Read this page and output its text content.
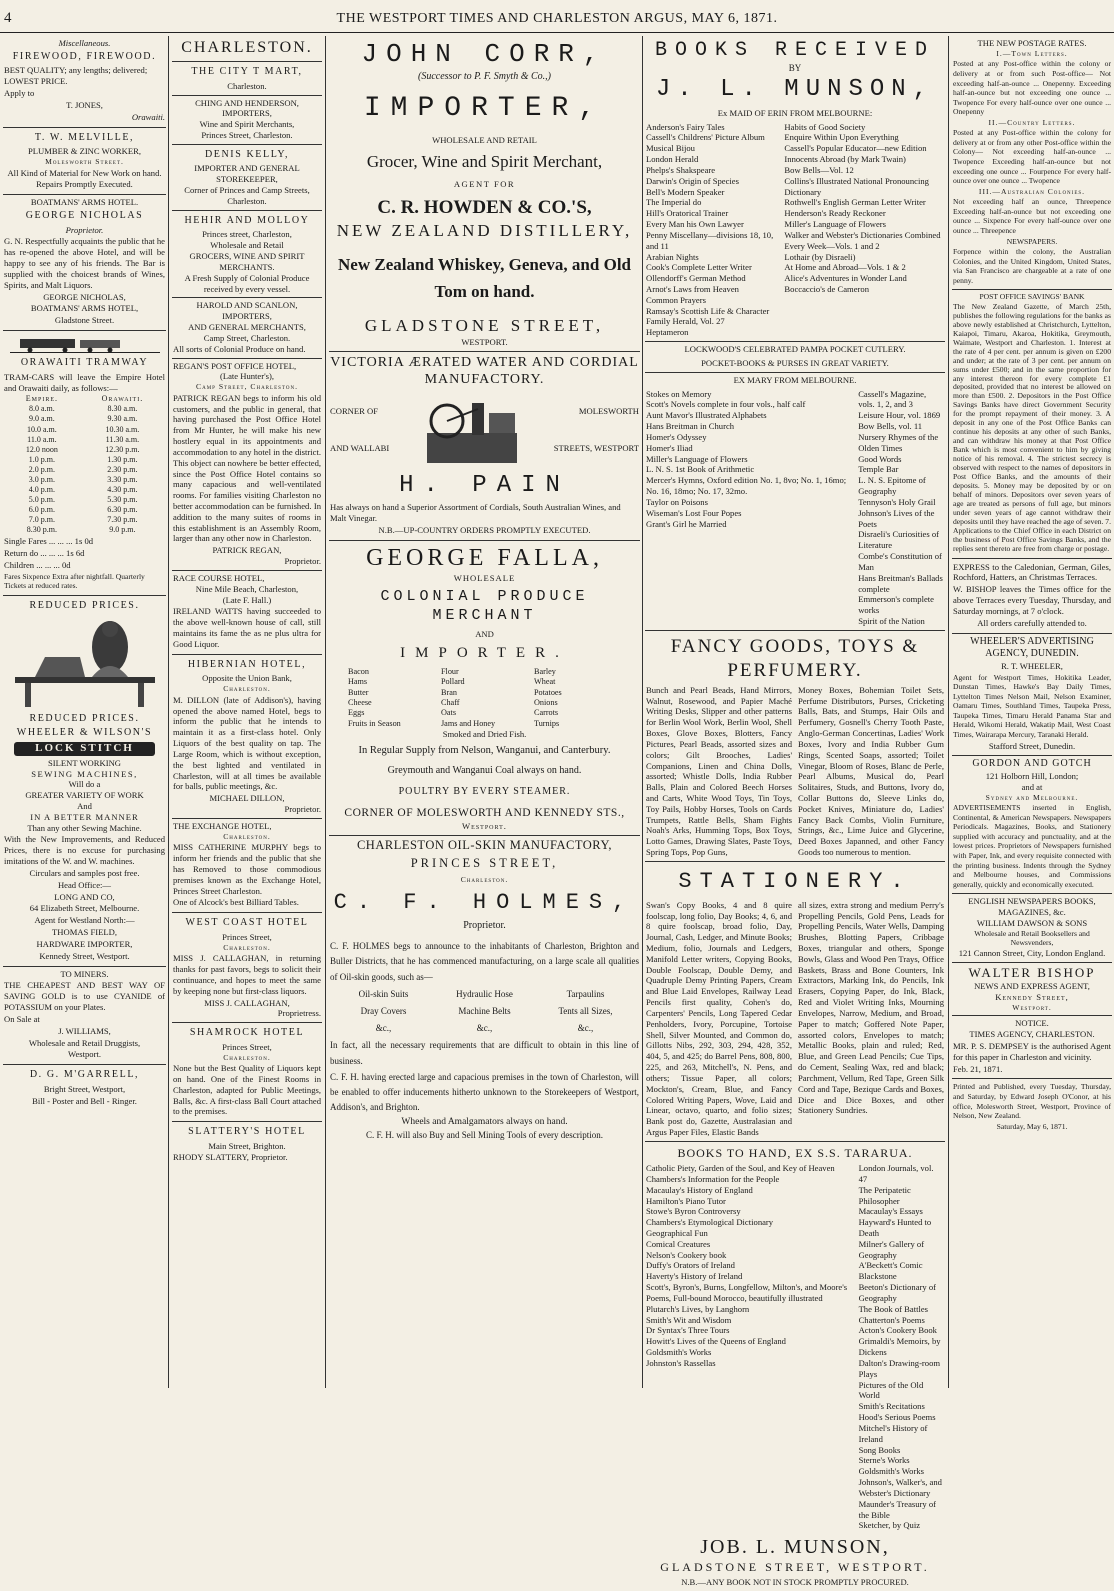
4	THE WESTPORT TIMES AND CHARLESTON ARGUS, MAY 6, 1871.
Miscellaneous.
FIREWOOD, FIREWOOD.

BEST QUALITY; any lengths; delivered; LOWEST PRICE.

Apply to

T. JONES,

Orawaiti.

T. W. MELVILLE,
PLUMBER & ZINC WORKER,
Molesworth Street.

All Kind of Material for New Work on hand.

Repairs Promptly Executed.

BOATMANS' ARMS HOTEL.
GEORGE NICHOLAS
Proprietor.

G. N. Respectfully acquaints the public that he has re-opened the above Hotel, and will be happy to see any of his friends. The Bar is supplied with the choicest brands of Wines, Spirits, and Malt Liquors.

GEORGE NICHOLAS,

BOATMANS' ARMS HOTEL,

Gladstone Street.

ORAWAITI TRAMWAY

TRAM-CARS will leave the Empire Hotel and Orawaiti daily, as follows:—

Empire.
8.0 a.m.
9.0 a.m.
10.0 a.m.
11.0 a.m.
12.0 noon
1.0 p.m.
2.0 p.m.
3.0 p.m.
4.0 p.m.
5.0 p.m.
6.0 p.m.
7.0 p.m.
8.30 p.m.
Orawaiti.
8.30 a.m.
9.30 a.m.
10.30 a.m.
11.30 a.m.
12.30 p.m.
1.30 p.m.
2.30 p.m.
3.30 p.m.
4.30 p.m.
5.30 p.m.
6.30 p.m.
7.30 p.m.
9.0 p.m.

Single Fares ... ... ... 1s 0d

Return do ... ... ... 1s 6d

Children ... ... ... 0d

Fares Sixpence Extra after nightfall. Quarterly Tickets at reduced rates.

REDUCED PRICES.
REDUCED PRICES.
WHEELER & WILSON'S
LOCK STITCH
SILENT WORKING
SEWING MACHINES,
Will do a
GREATER VARIETY OF WORK
And
IN A BETTER MANNER
Than any other Sewing Machine.

With the New Improvements, and Reduced Prices, there is no excuse for purchasing imitations of the W. and W. machines.

Circulars and samples post free.

Head Office:—

LONG AND CO,

64 Elizabeth Street, Melbourne.

Agent for Westland North:—

THOMAS FIELD,

HARDWARE IMPORTER,

Kennedy Street, Westport.

TO MINERS.

THE CHEAPEST AND BEST WAY OF SAVING GOLD is to use CYANIDE of POTASSIUM on your Plates.

On Sale at

J. WILLIAMS,

Wholesale and Retail Druggists,

Westport.

D. G. M'GARRELL,

Bright Street, Westport,

Bill - Poster and Bell - Ringer.

CHARLESTON.
THE CITY T MART,
Charleston.
CHING AND HENDERSON, IMPORTERS,
Wine and Spirit Merchants,
Princes Street, Charleston.
DENIS KELLY,
IMPORTER AND GENERAL STOREKEEPER,
Corner of Princes and Camp Streets, Charleston.
HEHIR AND MOLLOY
Princes street, Charleston,
Wholesale and Retail
GROCERS, WINE AND SPIRIT MERCHANTS.
A Fresh Supply of Colonial Produce received by every vessel.
HAROLD AND SCANLON, IMPORTERS,
AND GENERAL MERCHANTS,
Camp Street, Charleston.
All sorts of Colonial Produce on hand.
REGAN'S POST OFFICE HOTEL,
(Late Hunter's),
Camp Street, Charleston.

PATRICK REGAN begs to inform his old customers, and the public in general, that having purchased the Post Office Hotel from Mr Hunter, he will make his new hostlery equal in its appointments and accommodation to any hotel in the district. This object can nowhere be better effected, since the Post Office Hotel contains so many capacious and well-ventilated rooms. For families visiting Charleston no better accommodation can be furnished. In addition to the many suites of rooms in this establishment is an Assembly Room, larger than any other now in Charleston.

PATRICK REGAN,
Proprietor.
RACE COURSE HOTEL,
Nine Mile Beach, Charleston,
(Late F. Hall.)

IRELAND WATTS having succeeded to the above well-known house of call, still maintains its fame the as ne plus ultra for Good Liquor.

HIBERNIAN HOTEL,
Opposite the Union Bank,
Charleston.

M. DILLON (late of Addison's), having opened the above named Hotel, begs to inform the public that he intends to maintain it as a first-class hotel. Only Liquors of the best quality on tap. The Large Room, which is without exception, the best lighted and ventilated in Charleston, will at all times be available for balls, public meetings, &c.

MICHAEL DILLON,
Proprietor.
THE EXCHANGE HOTEL,
Charleston.

MISS CATHERINE MURPHY begs to inform her friends and the public that she has Removed to those commodious premises known as the Exchange Hotel, Princes Street Charleston.

One of Alcock's best Billiard Tables.

WEST COAST HOTEL
Princes Street,
Charleston.

MISS J. CALLAGHAN, in returning thanks for past favors, begs to solicit their continuance, and hopes to meet the same by keeping none but first-class liquors.

MISS J. CALLAGHAN,
Proprietress.
SHAMROCK HOTEL
Princes Street,
Charleston.

None but the Best Quality of Liquors kept on hand. One of the Finest Rooms in Charleston, adapted for Public Meetings, Balls, &c. A first-class Ball Court attached to the premises.

SLATTERY'S HOTEL
Main Street, Brighton.
RHODY SLATTERY, Proprietor.
JOHN CORR,
(Successor to P. F. Smyth & Co.,)
IMPORTER,
WHOLESALE AND RETAIL
Grocer, Wine and Spirit Merchant,
AGENT FOR
C. R. HOWDEN & CO.'S,
NEW ZEALAND DISTILLERY,
New Zealand Whiskey, Geneva, and Old Tom on hand.
GLADSTONE STREET,
WESTPORT.
VICTORIA ÆRATED WATER AND CORDIAL MANUFACTORY.
CORNER OF
AND WALLABI
MOLESWORTH
STREETS, WESTPORT
H. PAIN

Has always on hand a Superior Assortment of Cordials, South Australian Wines, and Malt Vinegar.

N.B.—UP-COUNTRY ORDERS PROMPTLY EXECUTED.

GEORGE FALLA,
WHOLESALE
COLONIAL PRODUCE MERCHANT
AND
IMPORTER.
Bacon
Hams
Butter
Cheese
Eggs
Fruits in Season
Flour
Pollard
Bran
Chaff
Oats
Jams and Honey
Barley
Wheat
Potatoes
Onions
Carrots
Turnips
Smoked and Dried Fish.
In Regular Supply from Nelson, Wanganui, and Canterbury.
Greymouth and Wanganui Coal always on hand.
POULTRY BY EVERY STEAMER.
CORNER OF MOLESWORTH AND KENNEDY STS.,
Westport.
CHARLESTON OIL-SKIN MANUFACTORY,
PRINCES STREET,
Charleston.
C. F. HOLMES,
Proprietor.

C. F. HOLMES begs to announce to the inhabitants of Charleston, Brighton and Buller Districts, that he has commenced manufacturing, on a large scale all qualities of Oil-skin goods, such as—

Oil-skin Suits
Dray Covers
&c.,
Hydraulic Hose
Machine Belts
&c.,
Tarpaulins
Tents all Sizes,
&c.,

In fact, all the necessary requirements that are difficult to obtain in this line of business.

C. F. H. having erected large and capacious premises in the town of Charleston, will be enabled to offer inducements hitherto unknown to the Storekeepers of Westport, Addison's, and Brighton.

Wheels and Amalgamators always on hand.

C. F. H. will also Buy and Sell Mining Tools of every description.

BOOKS RECEIVED
BY
J. L. MUNSON,
Ex MAID OF ERIN FROM MELBOURNE:
Anderson's Fairy Tales
Cassell's Childrens' Picture Album
Musical Bijou
London Herald
Phelps's Shakspeare
Darwin's Origin of Species
Bell's Modern Speaker
The Imperial do
Hill's Oratorical Trainer
Every Man his Own Lawyer
Penny Miscellany—divisions 18, 10, and 11
Arabian Nights
Cook's Complete Letter Writer
Ollendorff's German Method
Arnot's Laws from Heaven
Common Prayers
Ramsay's Scottish Life & Character
Family Herald, Vol. 27
Heptameron
Habits of Good Society
Enquire Within Upon Everything
Cassell's Popular Educator—new Edition
Innocents Abroad (by Mark Twain)
Bow Bells—Vol. 12
Collins's Illustrated National Pronouncing Dictionary
Rothwell's English German Letter Writer
Henderson's Ready Reckoner
Miller's Language of Flowers
Walker and Webster's Dictionaries Combined
Every Week—Vols. 1 and 2
Lothair (by Disraeli)
At Home and Abroad—Vols. 1 & 2
Alice's Adventures in Wonder Land
Boccaccio's de Cameron
LOCKWOOD'S CELEBRATED PAMPA POCKET CUTLERY.
POCKET-BOOKS & PURSES IN GREAT VARIETY.
EX MARY FROM MELBOURNE.
Stokes on Memory
Scott's Novels complete in four vols., half calf
Aunt Mavor's Illustrated Alphabets
Hans Breitman in Church
Homer's Odyssey
Homer's Iliad
Miller's Language of Flowers
L. N. S. 1st Book of Arithmetic
Mercer's Hymns, Oxford edition No. 1, 8vo; No. 1, 16mo; No. 16, 18mo; No. 17, 32mo.
Taylor on Poisons
Wiseman's Lost Four Popes
Grant's Girl he Married
Cassell's Magazine, vols. 1, 2, and 3
Leisure Hour, vol. 1869
Bow Bells, vol. 11
Nursery Rhymes of the Olden Times
Good Words
Temple Bar
L. N. S. Epitome of Geography
Tennyson's Holy Grail
Johnson's Lives of the Poets
Disraeli's Curiosities of Literature
Combe's Constitution of Man
Hans Breitman's Ballads complete
Emmerson's complete works
Spirit of the Nation
FANCY GOODS, TOYS & PERFUMERY.
Bunch and Pearl Beads, Hand Mirrors, Walnut, Rosewood, and Papier Maché Writing Desks, Slipper and other patterns for Berlin Wool Work, Berlin Wool, Shell Boxes, Glove Boxes, Blotters, Fancy Pictures, Pearl Beads, assorted sizes and colors; Gilt Brooches, Ladies' Companions, Linen and China Dolls, assorted; Whistle Dolls, India Rubber Balls, Plain and Colored Beech Horses and Carts, White Wood Toys, Tin Toys, Toy Pails, Hobby Horses, Tools on Cards Trumpets, Rattle Bells, Sham Fights Noah's Arks, Humming Tops, Box Toys, Lotto Games, Drawing Slates, Paste Toys, Spring Tops, Pop Guns,
Money Boxes, Bohemian Toilet Sets, Perfume Distributors, Purses, Cricketing Balls, Bats, and Stumps, Hair Oils and Perfumery, Gosnell's Cherry Tooth Paste, Anglo-German Concertinas, Ladies' Work Boxes, Ivory and India Rubber Gum Rings, Scented Soaps, assorted; Toilet Vinegar, Bloom of Roses, Blanc de Perle, Pearl Albums, Musical do, Pearl Solitaires, Studs, and Buttons, Ivory do, Collar Buttons do, Sleeve Links do, Pocket Knives, Miniature do, Ladies' Fancy Back Combs, Violin Furniture, Strings, &c., Lime Juice and Glycerine, Deed Boxes Japanned, and other Fancy Goods too numerous to mention.
STATIONERY.
Swan's Copy Books, 4 and 8 quire foolscap, long folio, Day Books; 4, 6, and 8 quire foolscap, broad folio, Day, Journal, Cash, Ledger, and Minute Books; Medium, folio, Journals and Ledgers, Manifold Letter writers, Copying Books, Double Foolscap, Double Demy, and Quadruple Demy Printing Papers, Cream and Blue Laid Envelopes, Railway Lead Pencils first quality, Cohen's do, Carpenters' Pencils, Long Tapered Cedar Penholders, Ivory, Porcupine, Tortoise Shell, Silver Mounted, and Common do, Gillotts Nibs, 292, 303, 294, 428, 352, 404, 5, and 425; do Barrel Pens, 808, 800, 225, and 263, Mitchell's, N. Pens, and others; Tissue Paper, all colors; Mockton's, Cream, Blue, and Fancy Colored Writing Papers, Wove, Laid and Linear, octavo, quarto, and folio sizes; Bank post do, Gazette, Australasian and Argus Paper Files, Elastic Bands
all sizes, extra strong and medium Perry's Propelling Pencils, Gold Pens, Leads for Propelling Pencils, Water Wells, Damping Brushes, Blotting Papers, Cribbage Boxes, triangular and others, Sponge Bowls, Glass and Wood Pen Trays, Office Baskets, Brass and Bone Counters, Ink Extractors, Marking Ink, do Pencils, Ink Erasers, Copying Paper, do Ink, Black, Red and Violet Writing Inks, Mourning Envelopes, Narrow, Medium, and Broad, Paper to match; Goffered Note Paper, assorted colors, Envelopes to match; Metallic Books, plain and ruled; Red, Blue, and Green Lead Pencils; Cue Tips, do Cement, Sealing Wax, red and black; Parchment, Vellum, Red Tape, Green Silk Cord and Tape, Bezique Cards and Boxes, Dice and Dice Boxes, and other Stationery Sundries.
BOOKS TO HAND, EX S.S. TARARUA.
Catholic Piety, Garden of the Soul, and Key of Heaven
Chambers's Information for the People
Macaulay's History of England
Hamilton's Piano Tutor
Stowe's Byron Controversy
Chambers's Etymological Dictionary
Geographical Fun
Comical Creatures
Nelson's Cookery book
Duffy's Orators of Ireland
Haverty's History of Ireland
Scott's, Byron's, Burns, Longfellow, Milton's, and Moore's Poems, Full-bound Morocco, beautifully illustrated
Plutarch's Lives, by Langhorn
Smith's Wit and Wisdom
Dr Syntax's Three Tours
Howitt's Lives of the Queens of England
Goldsmith's Works
Johnston's Rassellas
London Journals, vol. 47
The Peripatetic Philosopher
Macaulay's Essays
Hayward's Hunted to Death
Milner's Gallery of Geography
A'Beckett's Comic Blackstone
Beeton's Dictionary of Geography
The Book of Battles
Chatterton's Poems
Acton's Cookery Book
Grimaldi's Memoirs, by Dickens
Dalton's Drawing-room Plays
Pictures of the Old World
Smith's Recitations
Hood's Serious Poems
Mitchel's History of Ireland
Song Books
Sterne's Works
Goldsmith's Works
Johnson's, Walker's, and Webster's Dictionary
Maunder's Treasury of the Bible
Sketcher, by Quiz
JOB. L. MUNSON,
GLADSTONE STREET, WESTPORT.
N.B.—ANY BOOK NOT IN STOCK PROMPTLY PROCURED.
THE NEW POSTAGE RATES.
I.—Town Letters.

Posted at any Post-office within the colony or delivery at or from such Post-office— Not exceeding half-an-ounce ... Onepenny. Exceeding half-an-ounce but not exceeding one ounce ... Twopence For every half-ounce over one ounce ... Onepenny

II.—Country Letters.

Posted at any Post-office within the colony for delivery at or from any other Post-office within the Colony— Not exceeding half-an-ounce ... Twopence Exceeding half-an-ounce but not exceeding one ounce ... Fourpence For every half-ounce over one ounce ... Twopence

III.—Australian Colonies.

Not exceeding half an ounce, Threepence Exceeding half-an-ounce but not exceeding one ounce ... Sixpence For every half-ounce over one ounce ... Threepence

NEWSPAPERS.

Forpence within the colony, the Australian Colonies, and the United Kingdom, United States, via San Francisco are chargeable at a rate of one penny.

POST OFFICE SAVINGS' BANK

The New Zealand Gazette, of March 25th, publishes the following regulations for the banks as above newly established at Christchurch, Lyttelton, Kaiapoi, Timaru, Akaroa, Hokitika, Greymouth, Waimate, Westport and Charleston. 1. Interest at the rate of 4 per cent. per annum is given on £200 and under; at the rate of 3 per cent. per annum on sums under £500; and in the same proportion for any interest thereon for every complete £1 deposited, provided that no interest be allowed on more than £500. 2. Depositors in the Post Office Savings Banks have direct Government Security for the prompt repayment of their money. 3. A deposit in any one of the Post Office Banks can continue his deposits at any other of such Banks, and can withdraw his money at that Post Office Bank which is most convenient to him by giving notice of his removal. 4. The strictest secrecy is observed with respect to the names of depositors in Post Office Banks, and the amounts of their deposits. 5. Money may be deposited by or on behalf of minors. Depositors over seven years of age are treated as persons of full age, but minors under seven years of age cannot withdraw their deposits until they have reached the age of seven. 7. Applications to the Chief Office in each District on the business of Post Office Savings Banks, and the replies sent thereto are free from charge or postage.

EXPRESS to the Caledonian, German, Giles, Rochford, Hatters, an Christmas Terraces.

W. BISHOP leaves the Times office for the above Terraces every Tuesday, Thursday, and Saturday mornings, at 7 o'clock.

All orders carefully attended to.

WHEELER'S ADVERTISING AGENCY, DUNEDIN.
R. T. WHEELER,

Agent for Westport Times, Hokitika Leader, Dunstan Times, Hawke's Bay Daily Times, Lyttelton Times Nelson Mail, Nelson Examiner, Oamaru Times, Southland Times, Taupeka Press, Taupeka Times, Timaru Herald Panama Star and Herald, Wikomi Herald, Wakatip Mail, West Coast Times, Wairarapa Mercury, Taranaki Herald.

Stafford Street, Dunedin.

GORDON AND GOTCH
121 Holborn Hill, London;
and at
Sydney and Melbourne.

ADVERTISEMENTS inserted in English, Continental, & American Newspapers. Newspapers Periodicals. Magazines, Books, and Stationery supplied with accuracy and punctuality, and at the lowest prices. Proprietors of Newspapers furnished with Paper, Ink, and every requisite connected with the printing business. Indents through the Sydney and Melbourne houses, and Commissions generally, quickly and economically executed.

ENGLISH NEWSPAPERS BOOKS, MAGAZINES, &c.
WILLIAM DAWSON & SONS
Wholesale and Retail Booksellers and Newsvenders,
121 Cannon Street, City, London England.
WALTER BISHOP
NEWS AND EXPRESS AGENT,
Kennedy Street,
Westport.
NOTICE.
TIMES AGENCY, CHARLESTON.

MR. P. S. DEMPSEY is the authorised Agent for this paper in Charleston and vicinity.

Feb. 21, 1871.

Printed and Published, every Tuesday, Thursday, and Saturday, by Edward Joseph O'Conor, at his office, Molesworth Street, Westport, Province of Nelson, New Zealand.

Saturday, May 6, 1871.
